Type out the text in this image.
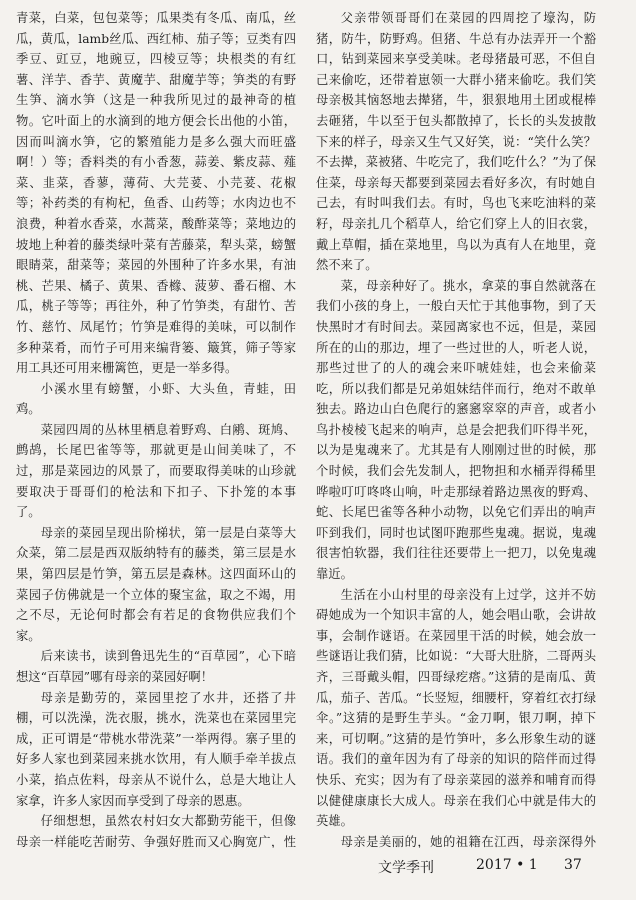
青菜，白菜，包包菜等；瓜果类有冬瓜、南瓜，丝瓜，黄瓜，lamb丝瓜、西红柿、茄子等；豆类有四季豆、豇豆，地豌豆，四棱豆等；块根类的有红薯、洋芋、香芋、黄魔芋、甜魔芋等；笋类的有野生笋、滴水笋（这是一种我所见过的最神奇的植物。它叶面上的水滴到的地方便会长出他的小笛，因而叫滴水笋，它的繁殖能力是多么强大而旺盛啊！）等；香料类的有小香葱，蒜姜、紫皮蒜、薤菜、韭菜，香蓼，薄荷、大芫荽、小芫荽、花椒等；补药类的有枸杞，鱼香、山药等；水肉边也不浪费，种着水香菜，水蒿菜，酸酢菜等；菜地边的坡地上种着的藤类绿叶菜有苦藤菜，犁头菜，螃蟹眼睛菜，甜菜等；菜园的外围种了许多水果，有油桃、芒果、橘子、黄果、香橼、菠萝、番石榴、木瓜，桃子等等；再往外，种了竹笋类，有甜竹、苦竹、慈竹、凤尾竹；竹笋是难得的美味，可以制作多种菜肴，而竹子可用来编背篓、簸箕，筛子等家用工具还可用来栅篱笆，更是一举多得。

小溪水里有螃蟹，小虾、大头鱼，青蛙，田鸡。

菜园四周的丛林里栖息着野鸡、白鹇、斑鸠、鹧鸪，长尾巴雀等等，那就更是山间美味了，不过，那是菜园边的风景了，而要取得美味的山珍就要取决于哥哥们的枪法和下扣子、下扑笼的本事了。

母亲的菜园呈现出阶梯状，第一层是白菜等大众菜，第二层是西双版纳特有的藤类，第三层是水果，第四层是竹笋，第五层是森林。这四面环山的菜园子仿佛就是一个立体的聚宝盆，取之不竭，用之不尽，无论何时都会有若足的食物供应我们个家。

后来读书，读到鲁迅先生的“百草园”，心下暗想这“百草园”哪有母亲的菜园好啊！

母亲是勤劳的，菜园里挖了水井，还搭了井棚，可以洗澡，洗衣服，挑水，洗菜也在菜园里完成，正可谓是“带桃水带洗菜”一举两得。寨子里的好多人家也到菜园来挑水饮用，有人顺手牵羊拔点小菜，掐点佐料，母亲从不说什么，总是大地让人家拿，许多人家因而享受到了母亲的恩惠。

仔细想想，虽然农村妇女大都勤劳能干，但像母亲一样能吃苦耐劳、争强好胜而又心胸宽广，性

父亲带领哥哥们在菜园的四周挖了壕沟，防猪，防牛，防野鸡。但猪、牛总有办法弄开一个豁口，钻到菜园来享受美味。老母猪最可恶，不但自己来偷吃，还带着崽领一大群小猪来偷吃。我们笑母亲极其恼怒地去撵猪，牛，狠狠地用土团或棍棒去砸猪，牛以至于包头都散掉了，长长的头发披散下来的样子，母亲又生气又好笑，说：“笑什么笑？不去撵，菜被猪、牛吃完了，我们吃什么？”为了保住菜，母亲每天都要到菜园去看好多次，有时她自己去，有时叫我们去。有时，鸟也飞来吃油料的菜籽，母亲扎几个稻草人，给它们穿上人的旧衣裳，戴上草帽，插在菜地里，鸟以为真有人在地里，竟然不来了。

菜，母亲种好了。挑水，拿菜的事自然就落在我们小孩的身上，一般白天忙于其他事物，到了天快黑时才有时间去。菜园离家也不远，但是，菜园所在的山的那边，埋了一些过世的人，听老人说，那些过世了的人的魂会来吓唬娃娃，也会来偷菜吃，所以我们都是兄弟姐妹结伴而行，绝对不敢单独去。路边山白色爬行的窸窸窣窣的声音，或者小鸟扑棱棱飞起来的响声，总是会把我们吓得半死，以为是鬼魂来了。尤其是有人刚刚过世的时候，那个时候，我们会先发制人，把物担和水桶弄得稀里哗啦叮叮咚咚山响，叶走那绿着路边黑夜的野鸡、蛇、长尾巴雀等各种小动物，以免它们弄出的响声吓到我们，同时也试图吓跑那些鬼魂。据说，鬼魂很害怕软器，我们往往还要带上一把刀，以免鬼魂靠近。

生活在小山村里的母亲没有上过学，这并不妨碍她成为一个知识丰富的人，她会唱山歌，会讲故事，会制作谜语。在菜园里干活的时候，她会放一些谜语让我们猜，比如说：“大哥大肚脐，二哥两头齐，三哥戴头帽，四哥绿疙瘩。”这猜的是南瓜、黄瓜，茄子、苦瓜。“长竖短，细腰杆，穿着红衣打绿伞。”这猜的是野生芋头。“金刀啊，银刀啊，掉下来，可切啊。”这猜的是竹笋叶，多么形象生动的谜语。我们的童年因为有了母亲的知识的陪伴而过得快乐、充实；因为有了母亲菜园的滋养和哺育而得以健健康康长大成人。母亲在我们心中就是伟大的英雄。

母亲是美丽的，她的祖籍在江西，母亲深得外

文学季刊	2017 • 1 37
